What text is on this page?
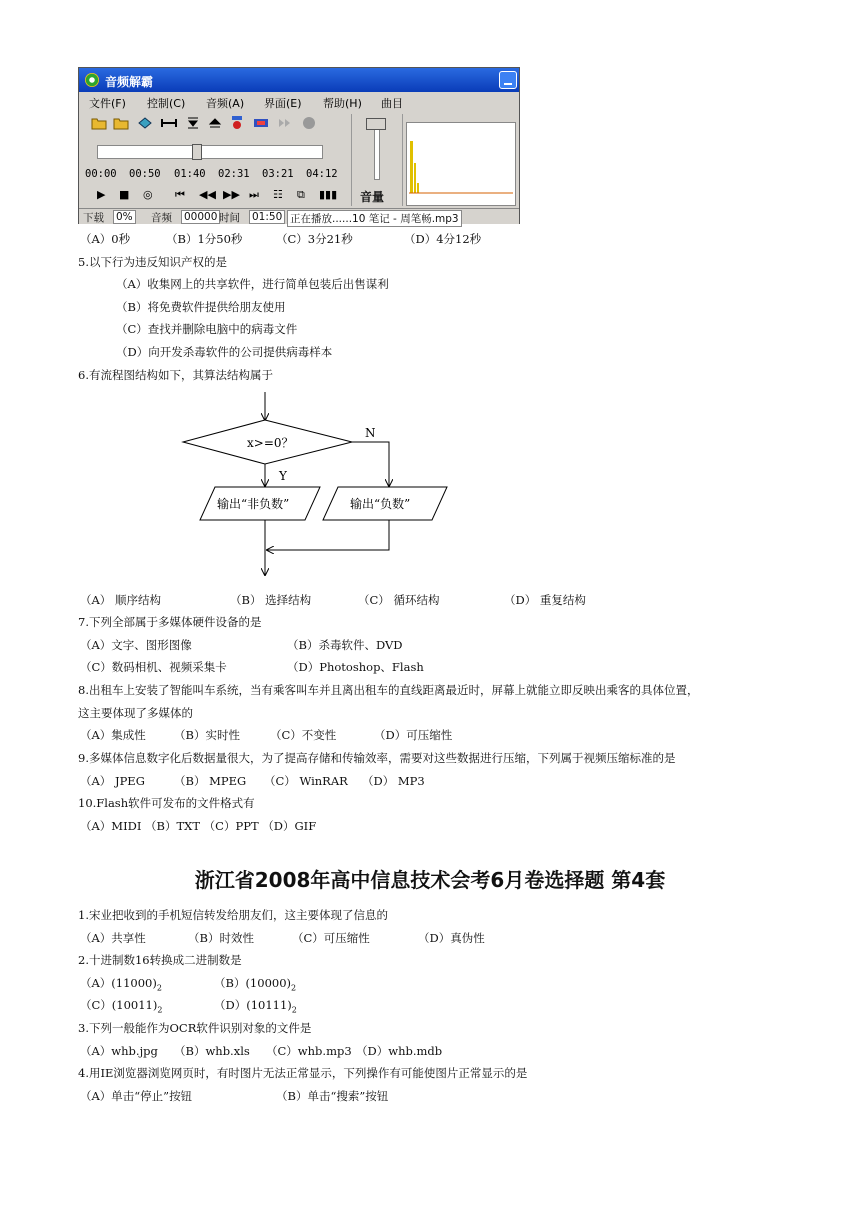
音频解霸
文件(F) 控制(C) 音频(A) 界面(E) 帮助(H) 曲目
00:00 00:50 01:40 02:31 03:21 04:12
▶ ■ ◎ ⏮ ◀◀ ▶▶ ⏭ ☷ ⧉ ▮▮▮ 音量
下载 0% 音频 00000 时间 01:50 正在播放......10 笔记 - 周笔畅.mp3
（A）0秒	（B）1分50秒	（C）3分21秒	（D）4分12秒
5.以下行为违反知识产权的是
（A）收集网上的共享软件，进行简单包装后出售谋利
（B）将免费软件提供给朋友使用
（C）查找并删除电脑中的病毒文件
（D）向开发杀毒软件的公司提供病毒样本
6.有流程图结构如下，其算法结构属于
x>=0？
Y
N
输出“非负数”	输出“负数”
（A） 顺序结构	（B） 选择结构	（C） 循环结构	（D） 重复结构
7.下列全部属于多媒体硬件设备的是
（A）文字、图形图像	（B）杀毒软件、DVD
（C）数码相机、视频采集卡	（D）Photoshop、Flash
8.出租车上安装了智能叫车系统，当有乘客叫车并且离出租车的直线距离最近时，屏幕上就能立即反映出乘客的具体位置，
这主要体现了多媒体的
（A）集成性 （B）实时性	（C）不变性	（D）可压缩性
9.多媒体信息数字化后数据量很大，为了提高存储和传输效率，需要对这些数据进行压缩，下列属于视频压缩标准的是
（A） JPEG	（B） MPEG （C） WinRAR （D） MP3
10.Flash软件可发布的文件格式有
（A）MIDI （B）TXT （C）PPT （D）GIF
浙江省2008年高中信息技术会考6月卷选择题 第4套
1.宋业把收到的手机短信转发给朋友们，这主要体现了信息的
（A）共享性	（B）时效性	（C）可压缩性	（D）真伪性
2.十进制数16转换成二进制数是
$(A)(11000)_2$	$(B)(10000)_2$
$(C)(10011)_2$	$(D)(10111)_2$
3.下列一般能作为OCR软件识别对象的文件是
（A）whb.jpg （B）whb.xls （C）whb.mp3 （D）whb.mdb
4.用IE浏览器浏览网页时，有时图片无法正常显示，下列操作有可能使图片正常显示的是
（A）单击“停止”按钮	（B）单击“搜索”按钮
